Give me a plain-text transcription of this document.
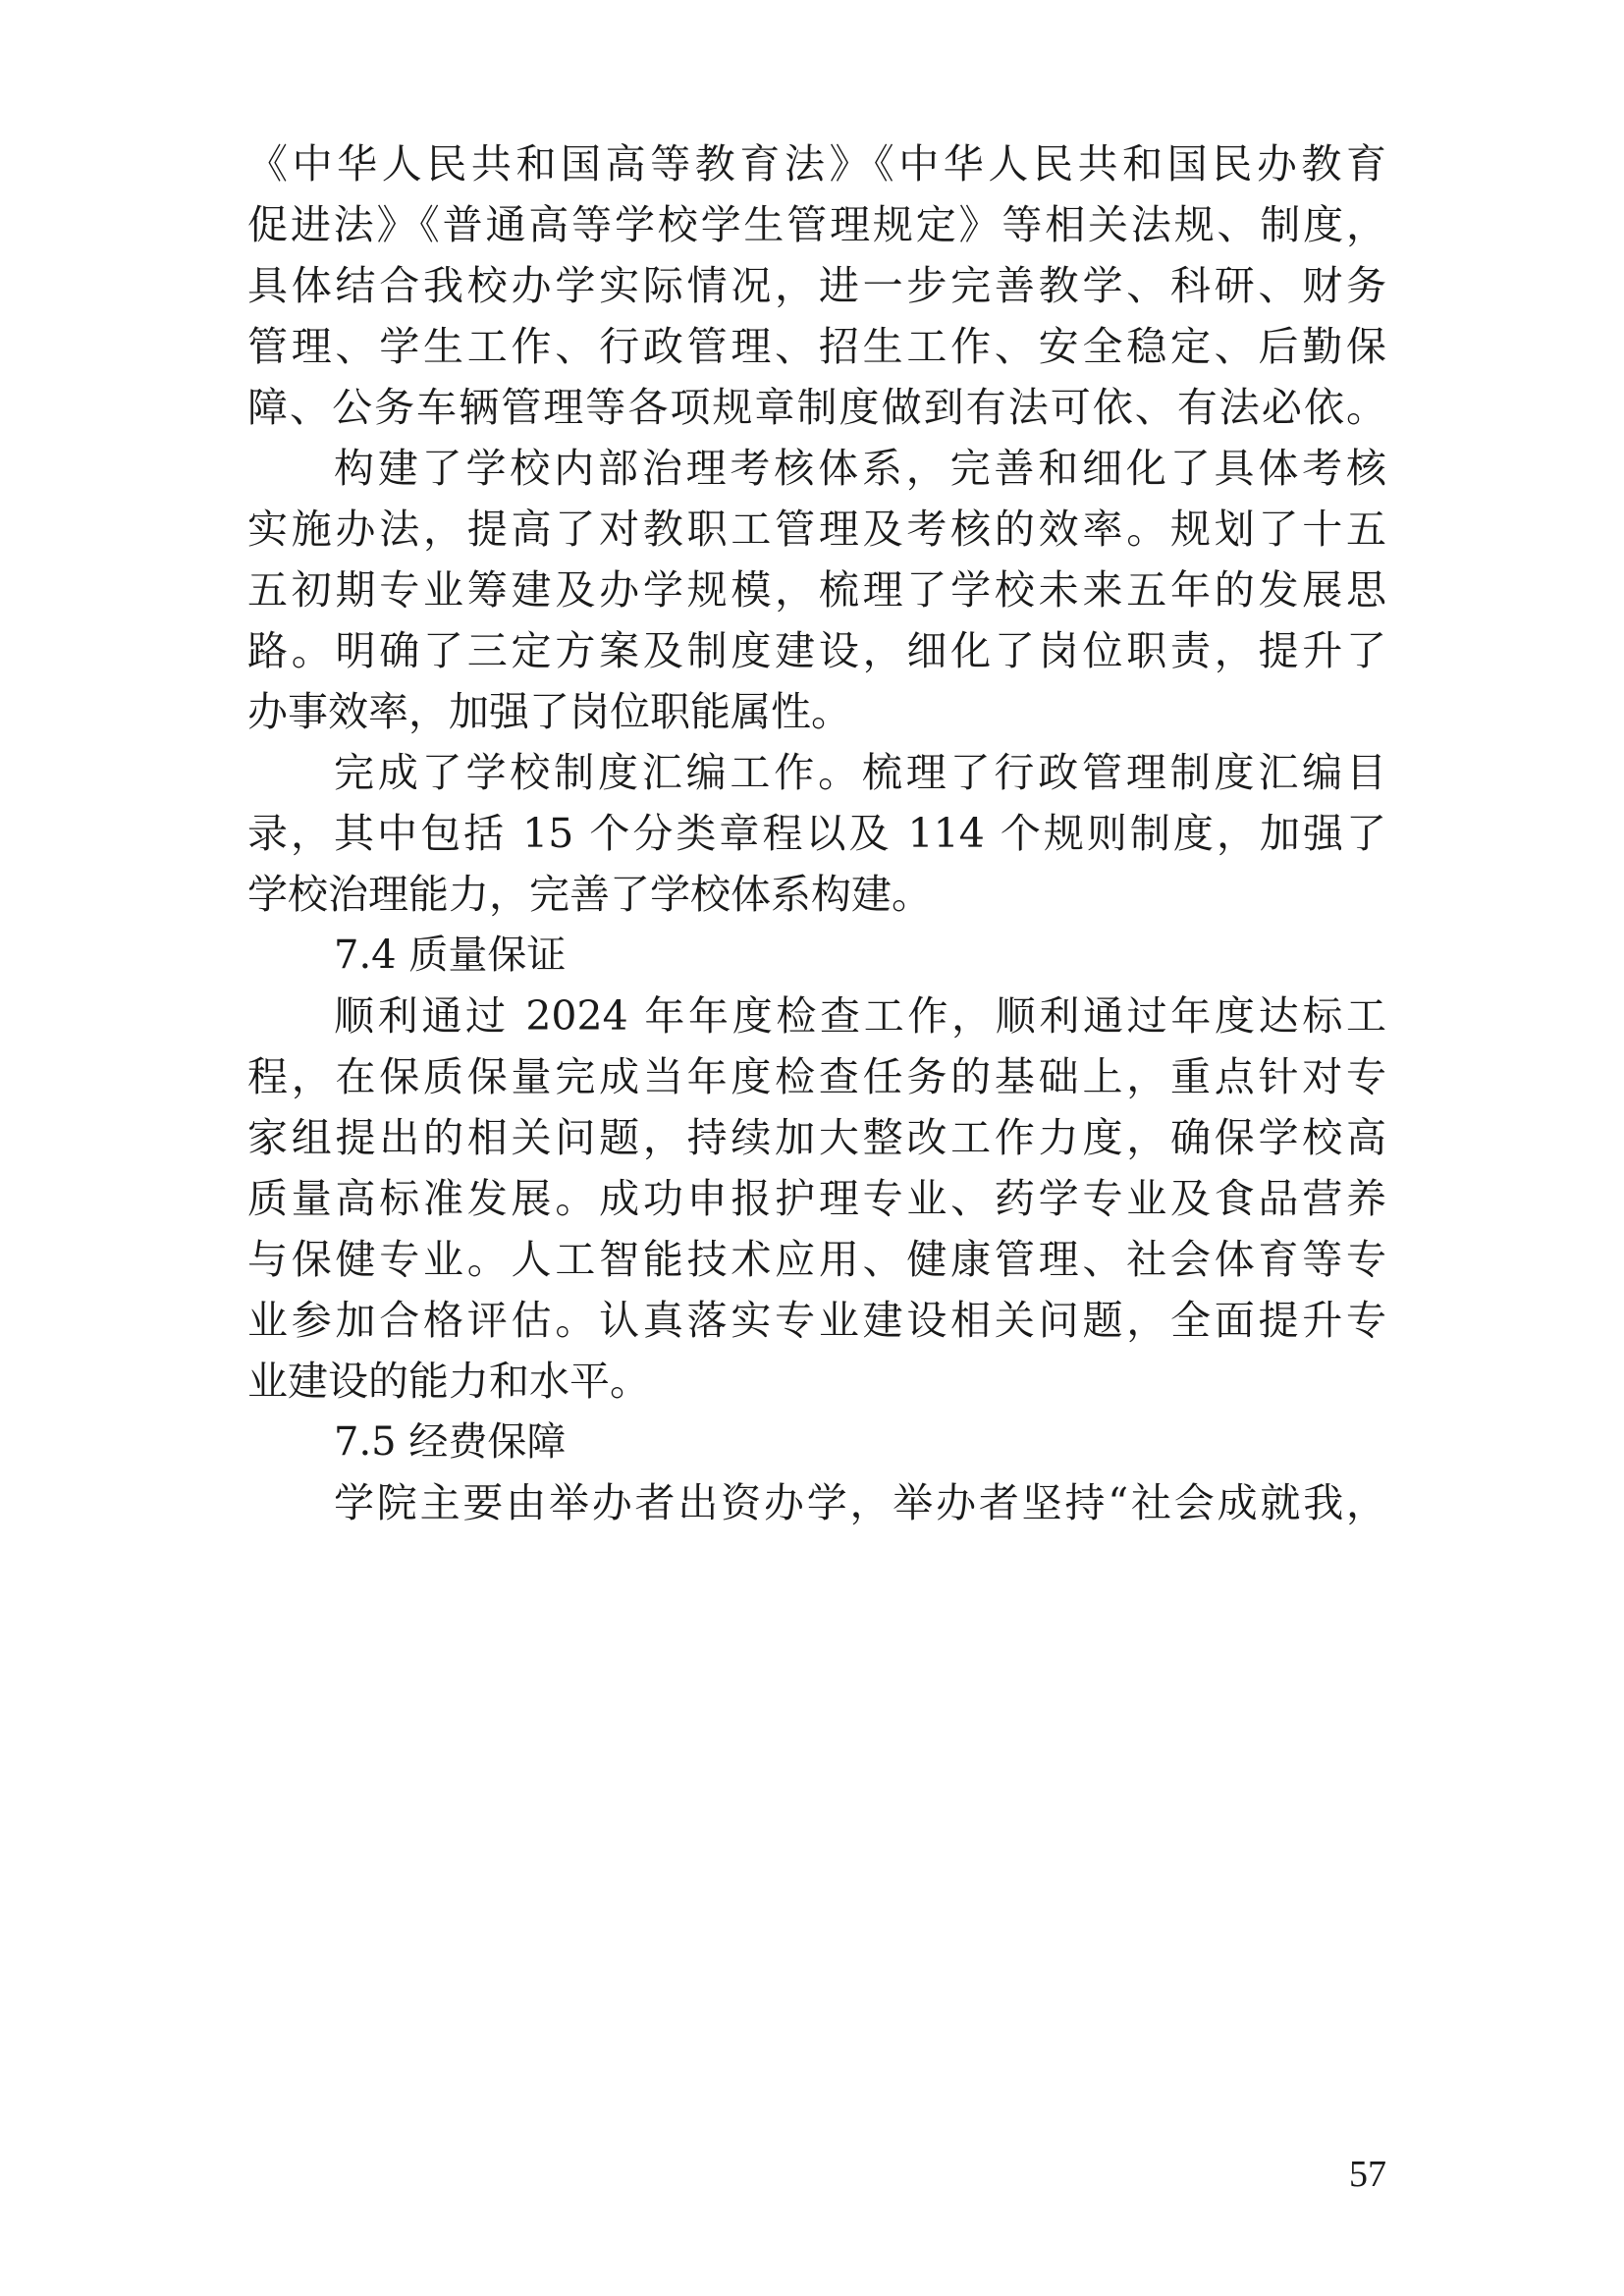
《中华人民共和国高等教育法》《中华人民共和国民办教育
促进法》《普通高等学校学生管理规定》等相关法规、制度，
具体结合我校办学实际情况，进一步完善教学、科研、财务
管理、学生工作、行政管理、招生工作、安全稳定、后勤保
障、公务车辆管理等各项规章制度做到有法可依、有法必依。
构建了学校内部治理考核体系，完善和细化了具体考核
实施办法，提高了对教职工管理及考核的效率。规划了十五
五初期专业筹建及办学规模，梳理了学校未来五年的发展思
路。明确了三定方案及制度建设，细化了岗位职责，提升了
办事效率，加强了岗位职能属性。
完成了学校制度汇编工作。梳理了行政管理制度汇编目
录，其中包括 15 个分类章程以及 114 个规则制度，加强了
学校治理能力，完善了学校体系构建。
7.4 质量保证
顺利通过 2024 年年度检查工作，顺利通过年度达标工
程，在保质保量完成当年度检查任务的基础上，重点针对专
家组提出的相关问题，持续加大整改工作力度，确保学校高
质量高标准发展。成功申报护理专业、药学专业及食品营养
与保健专业。人工智能技术应用、健康管理、社会体育等专
业参加合格评估。认真落实专业建设相关问题，全面提升专
业建设的能力和水平。
7.5 经费保障
学院主要由举办者出资办学，举办者坚持“社会成就我，
57
